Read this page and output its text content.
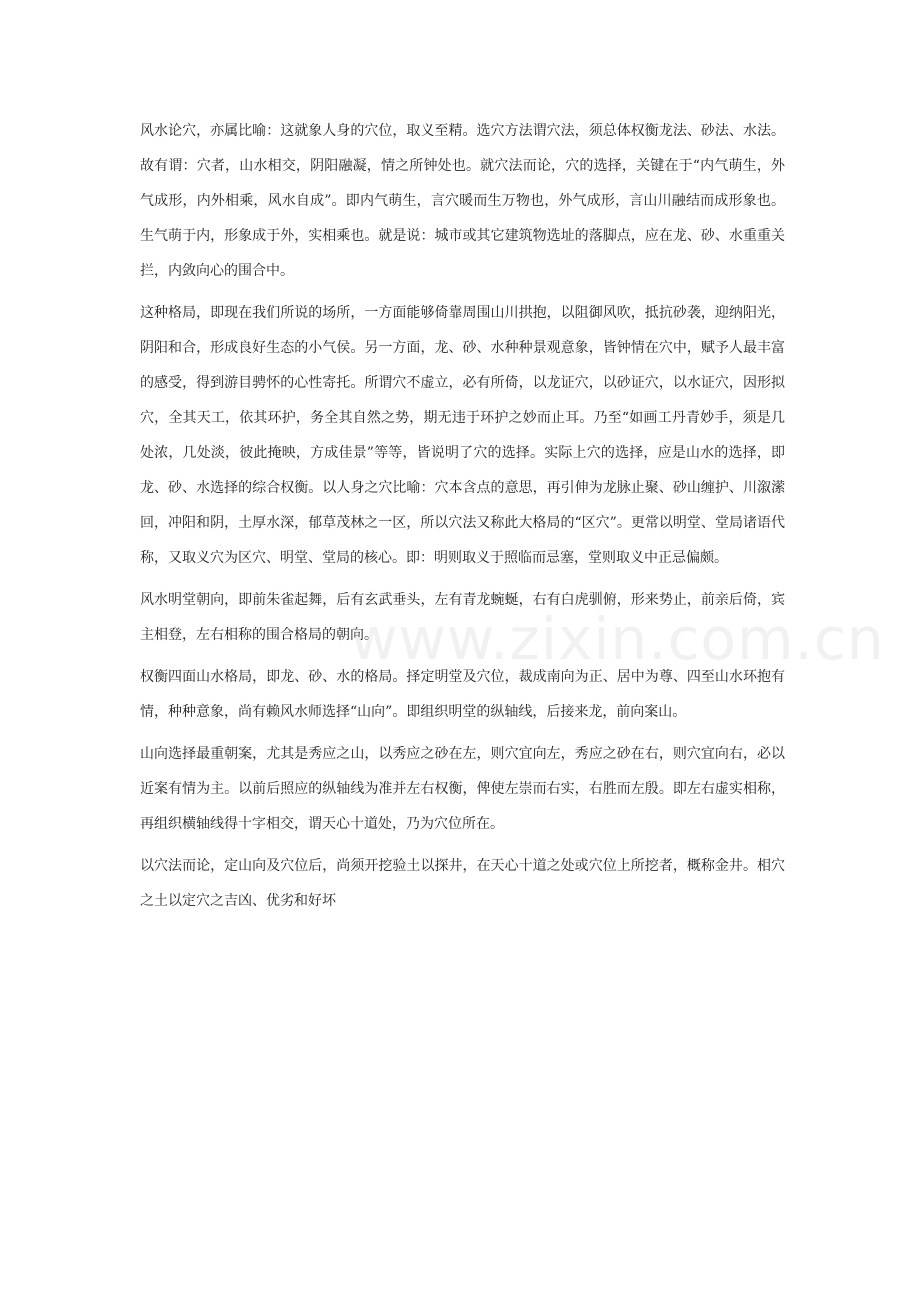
风水论穴，亦属比喻：这就象人身的穴位，取义至精。选穴方法谓穴法，须总体权衡龙法、砂法、水法。故有谓：穴者，山水相交，阴阳融凝，情之所钟处也。就穴法而论，穴的选择，关键在于“内气萌生，外气成形，内外相乘，风水自成”。即内气萌生，言穴暖而生万物也，外气成形，言山川融结而成形象也。生气萌于内，形象成于外，实相乘也。就是说：城市或其它建筑物选址的落脚点，应在龙、砂、水重重关拦，内敛向心的围合中。

这种格局，即现在我们所说的场所，一方面能够倚靠周围山川拱抱，以阻御风吹，抵抗砂袭，迎纳阳光，阴阳和合，形成良好生态的小气侯。另一方面，龙、砂、水种种景观意象，皆钟情在穴中，赋予人最丰富的感受，得到游目骋怀的心性寄托。所谓穴不虚立，必有所倚，以龙证穴，以砂证穴，以水证穴，因形拟穴，全其天工，依其环护，务全其自然之势，期无违于环护之妙而止耳。乃至“如画工丹青妙手，须是几处浓，几处淡，彼此掩映，方成佳景”等等，皆说明了穴的选择。实际上穴的选择，应是山水的选择，即龙、砂、水选择的综合权衡。以人身之穴比喻：穴本含点的意思，再引伸为龙脉止聚、砂山缠护、川溆潆回，冲阳和阴，土厚水深，郁草茂林之一区，所以穴法又称此大格局的“区穴”。更常以明堂、堂局诸语代称，又取义穴为区穴、明堂、堂局的核心。即：明则取义于照临而忌塞，堂则取义中正忌偏颇。

风水明堂朝向，即前朱雀起舞，后有玄武垂头，左有青龙蜿蜒，右有白虎驯俯，形来势止，前亲后倚，宾主相登，左右相称的围合格局的朝向。

权衡四面山水格局，即龙、砂、水的格局。择定明堂及穴位，裁成南向为正、居中为尊、四至山水环抱有情，种种意象，尚有赖风水师选择“山向”。即组织明堂的纵轴线，后接来龙，前向案山。

山向选择最重朝案，尤其是秀应之山，以秀应之砂在左，则穴宜向左，秀应之砂在右，则穴宜向右，必以近案有情为主。以前后照应的纵轴线为准并左右权衡，俾使左崇而右实，右胜而左殷。即左右虚实相称，再组织横轴线得十字相交，谓天心十道处，乃为穴位所在。

以穴法而论，定山向及穴位后，尚须开挖验土以探井，在天心十道之处或穴位上所挖者，概称金井。相穴之土以定穴之吉凶、优劣和好坏

www.zixin.com.cn
